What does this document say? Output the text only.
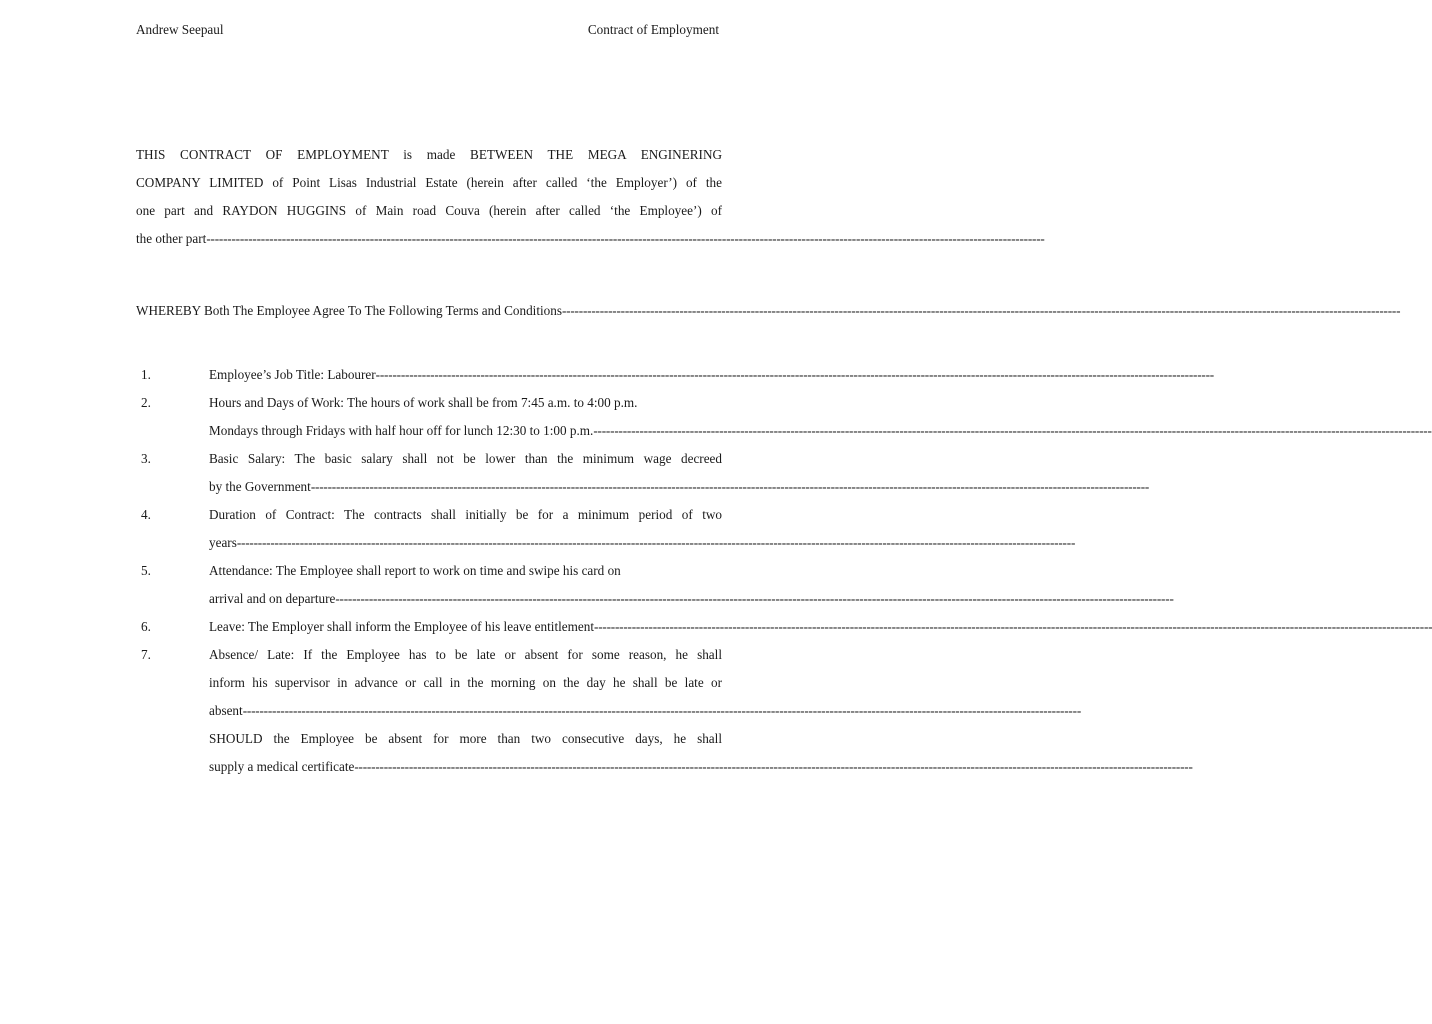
Andrew Seepaul	Contract of Employment
THIS CONTRACT OF EMPLOYMENT is made BETWEEN THE MEGA ENGINERING
COMPANY LIMITED of Point Lisas Industrial Estate (herein after called ‘the Employer’) of the
one part and RAYDON HUGGINS of Main road Couva (herein after called ‘the Employee’) of
the other part --------------------------------------------------------------------------------------------------------------------------------------------------------------------------------------------------------
WHEREBY Both The Employee Agree To The Following Terms and Conditions --------------------------------------------------------------------------------------------------------------------------------------------------------------------------------------------------------
1.	Employee’s Job Title: Labourer --------------------------------------------------------------------------------------------------------------------------------------------------------------------------------------------------------
2.	Hours and Days of Work: The hours of work shall be from 7:45 a.m. to 4:00 p.m.
Mondays through Fridays with half hour off for lunch 12:30 to 1:00 p.m. --------------------------------------------------------------------------------------------------------------------------------------------------------------------------------------------------------
3.	Basic Salary: The basic salary shall not be lower than the minimum wage decreed
by the Government --------------------------------------------------------------------------------------------------------------------------------------------------------------------------------------------------------
4.	Duration of Contract: The contracts shall initially be for a minimum period of two
years --------------------------------------------------------------------------------------------------------------------------------------------------------------------------------------------------------
5.	Attendance: The Employee shall report to work on time and swipe his card on
arrival and on departure --------------------------------------------------------------------------------------------------------------------------------------------------------------------------------------------------------
6.	Leave: The Employer shall inform the Employee of his leave entitlement --------------------------------------------------------------------------------------------------------------------------------------------------------------------------------------------------------
7.	Absence/ Late: If the Employee has to be late or absent for some reason, he shall
inform his supervisor in advance or call in the morning on the day he shall be late or
absent --------------------------------------------------------------------------------------------------------------------------------------------------------------------------------------------------------
SHOULD the Employee be absent for more than two consecutive days, he shall
supply a medical certificate --------------------------------------------------------------------------------------------------------------------------------------------------------------------------------------------------------
